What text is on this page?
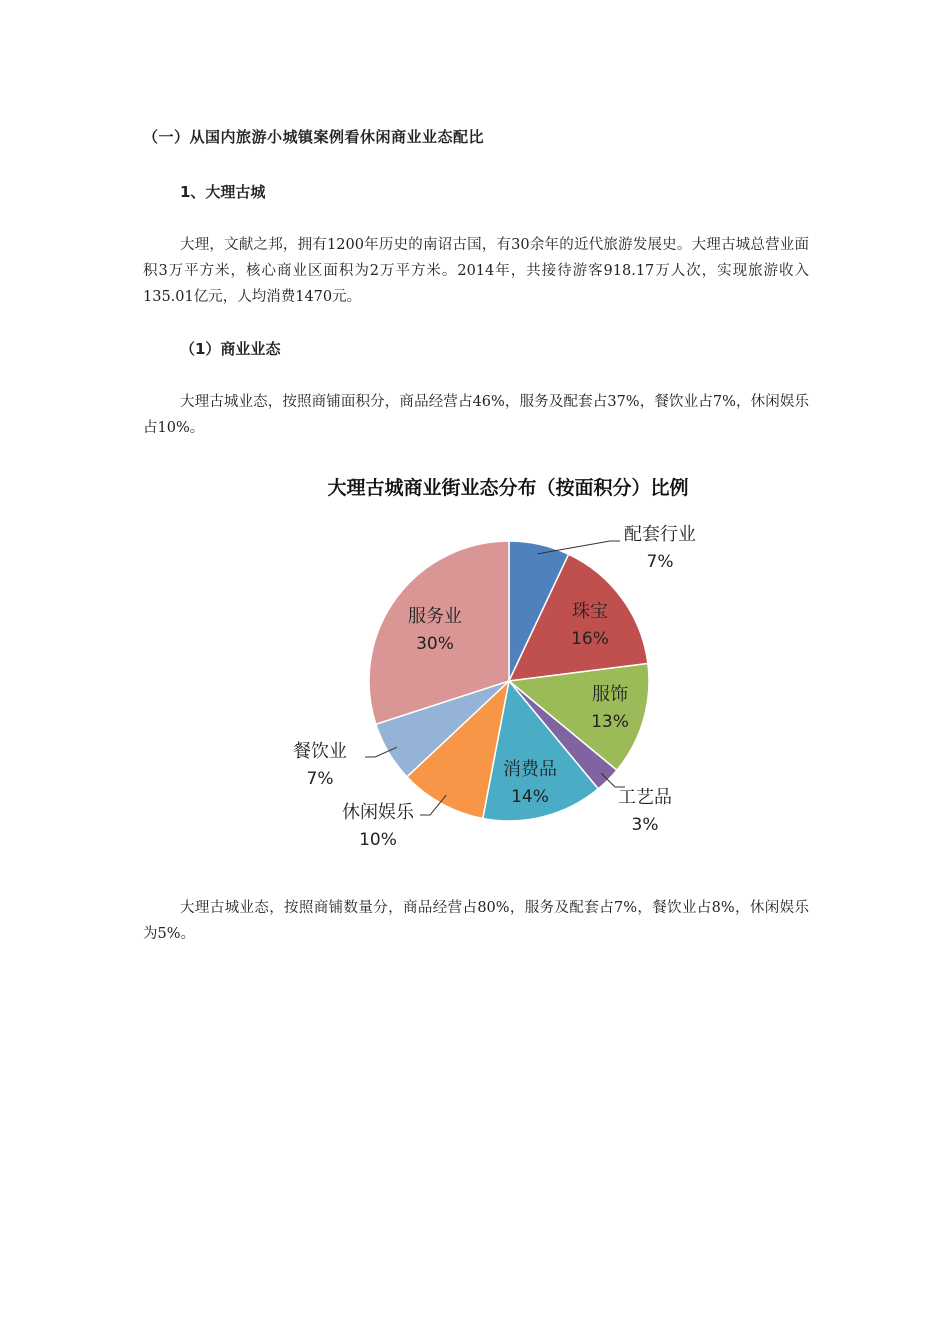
（一）从国内旅游小城镇案例看休闲商业业态配比
1、大理古城

大理，文献之邦，拥有1200年历史的南诏古国，有30余年的近代旅游发展史。大理古城总营业面积3万平方米，核心商业区面积为2万平方米。2014年，共接待游客918.17万人次，实现旅游收入135.01亿元，人均消费1470元。

（1）商业业态

大理古城业态，按照商铺面积分，商品经营占46%，服务及配套占37%，餐饮业占7%，休闲娱乐占10%。

大理古城商业街业态分布（按面积分）比例
配套行业
7%
珠宝
16%
服饰
13%
工艺品
3%
消费品
14%
休闲娱乐
10%
餐饮业
7%
服务业
30%

大理古城业态，按照商铺数量分，商品经营占80%，服务及配套占7%，餐饮业占8%，休闲娱乐为5%。
